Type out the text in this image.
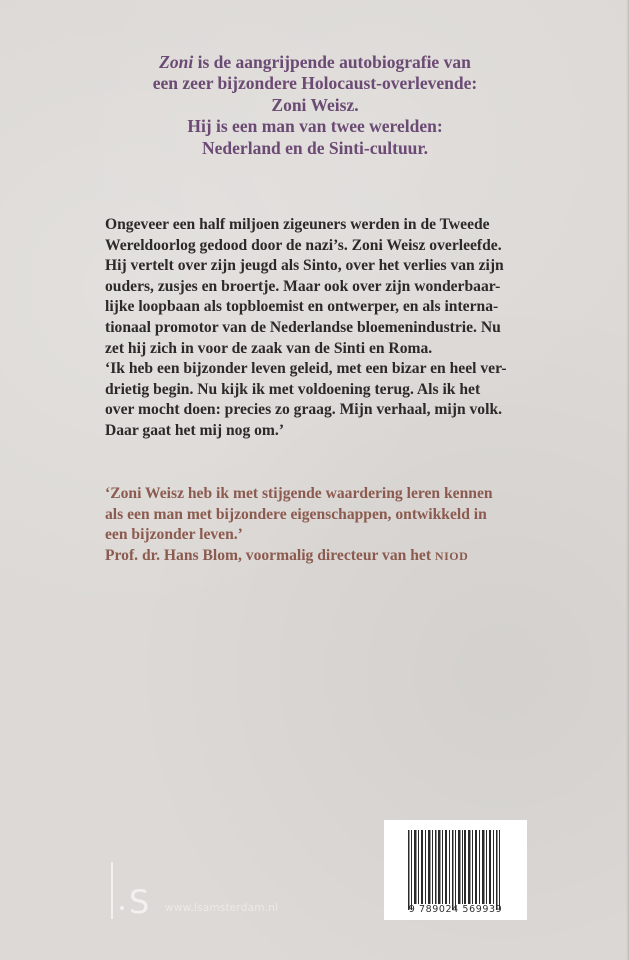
Zoni is de aangrijpende autobiografie van
een zeer bijzondere Holocaust-overlevende:
Zoni Weisz.
Hij is een man van twee werelden:
Nederland en de Sinti-cultuur.
Ongeveer een half miljoen zigeuners werden in de Tweede
Wereldoorlog gedood door de nazi’s. Zoni Weisz overleefde.
Hij vertelt over zijn jeugd als Sinto, over het verlies van zijn
ouders, zusjes en broertje. Maar ook over zijn wonderbaar-
lijke loopbaan als topbloemist en ontwerper, en als interna-
tionaal promotor van de Nederlandse bloemenindustrie. Nu
zet hij zich in voor de zaak van de Sinti en Roma.
‘Ik heb een bijzonder leven geleid, met een bizar en heel ver-
drietig begin. Nu kijk ik met voldoening terug. Als ik het
over mocht doen: precies zo graag. Mijn verhaal, mijn volk.
Daar gaat het mij nog om.’
‘Zoni Weisz heb ik met stijgende waardering leren kennen
als een man met bijzondere eigenschappen, ontwikkeld in
een bijzonder leven.’
Prof. dr. Hans Blom, voormalig directeur van het NIOD
S www.lsamsterdam.nl	9 789024 569939
